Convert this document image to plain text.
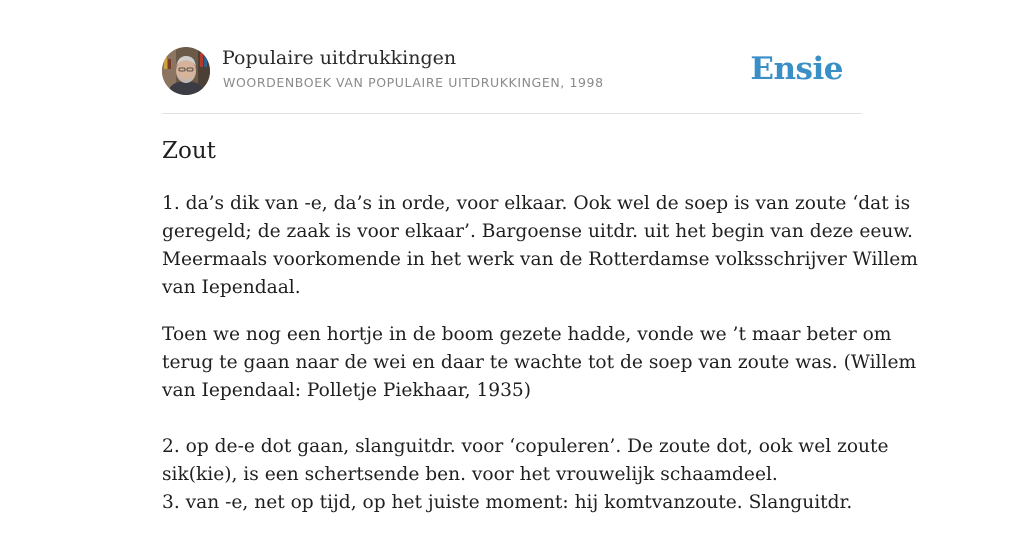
Populaire uitdrukkingen
WOORDENBOEK VAN POPULAIRE UITDRUKKINGEN, 1998	Ensie
Zout

1. da’s dik van -e, da’s in orde, voor elkaar. Ook wel de soep is van zoute ‘dat is
geregeld; de zaak is voor elkaar’. Bargoense uitdr. uit het begin van deze eeuw.
Meermaals voorkomende in het werk van de Rotterdamse volksschrijver Willem
van Iependaal.

Toen we nog een hortje in de boom gezete hadde, vonde we ’t maar beter om
terug te gaan naar de wei en daar te wachte tot de soep van zoute was. (Willem
van Iependaal: Polletje Piekhaar, 1935)

2. op de-e dot gaan, slanguitdr. voor ‘copuleren’. De zoute dot, ook wel zoute
sik(kie), is een schertsende ben. voor het vrouwelijk schaamdeel.
3. van -e, net op tijd, op het juiste moment: hij komtvanzoute. Slanguitdr.
